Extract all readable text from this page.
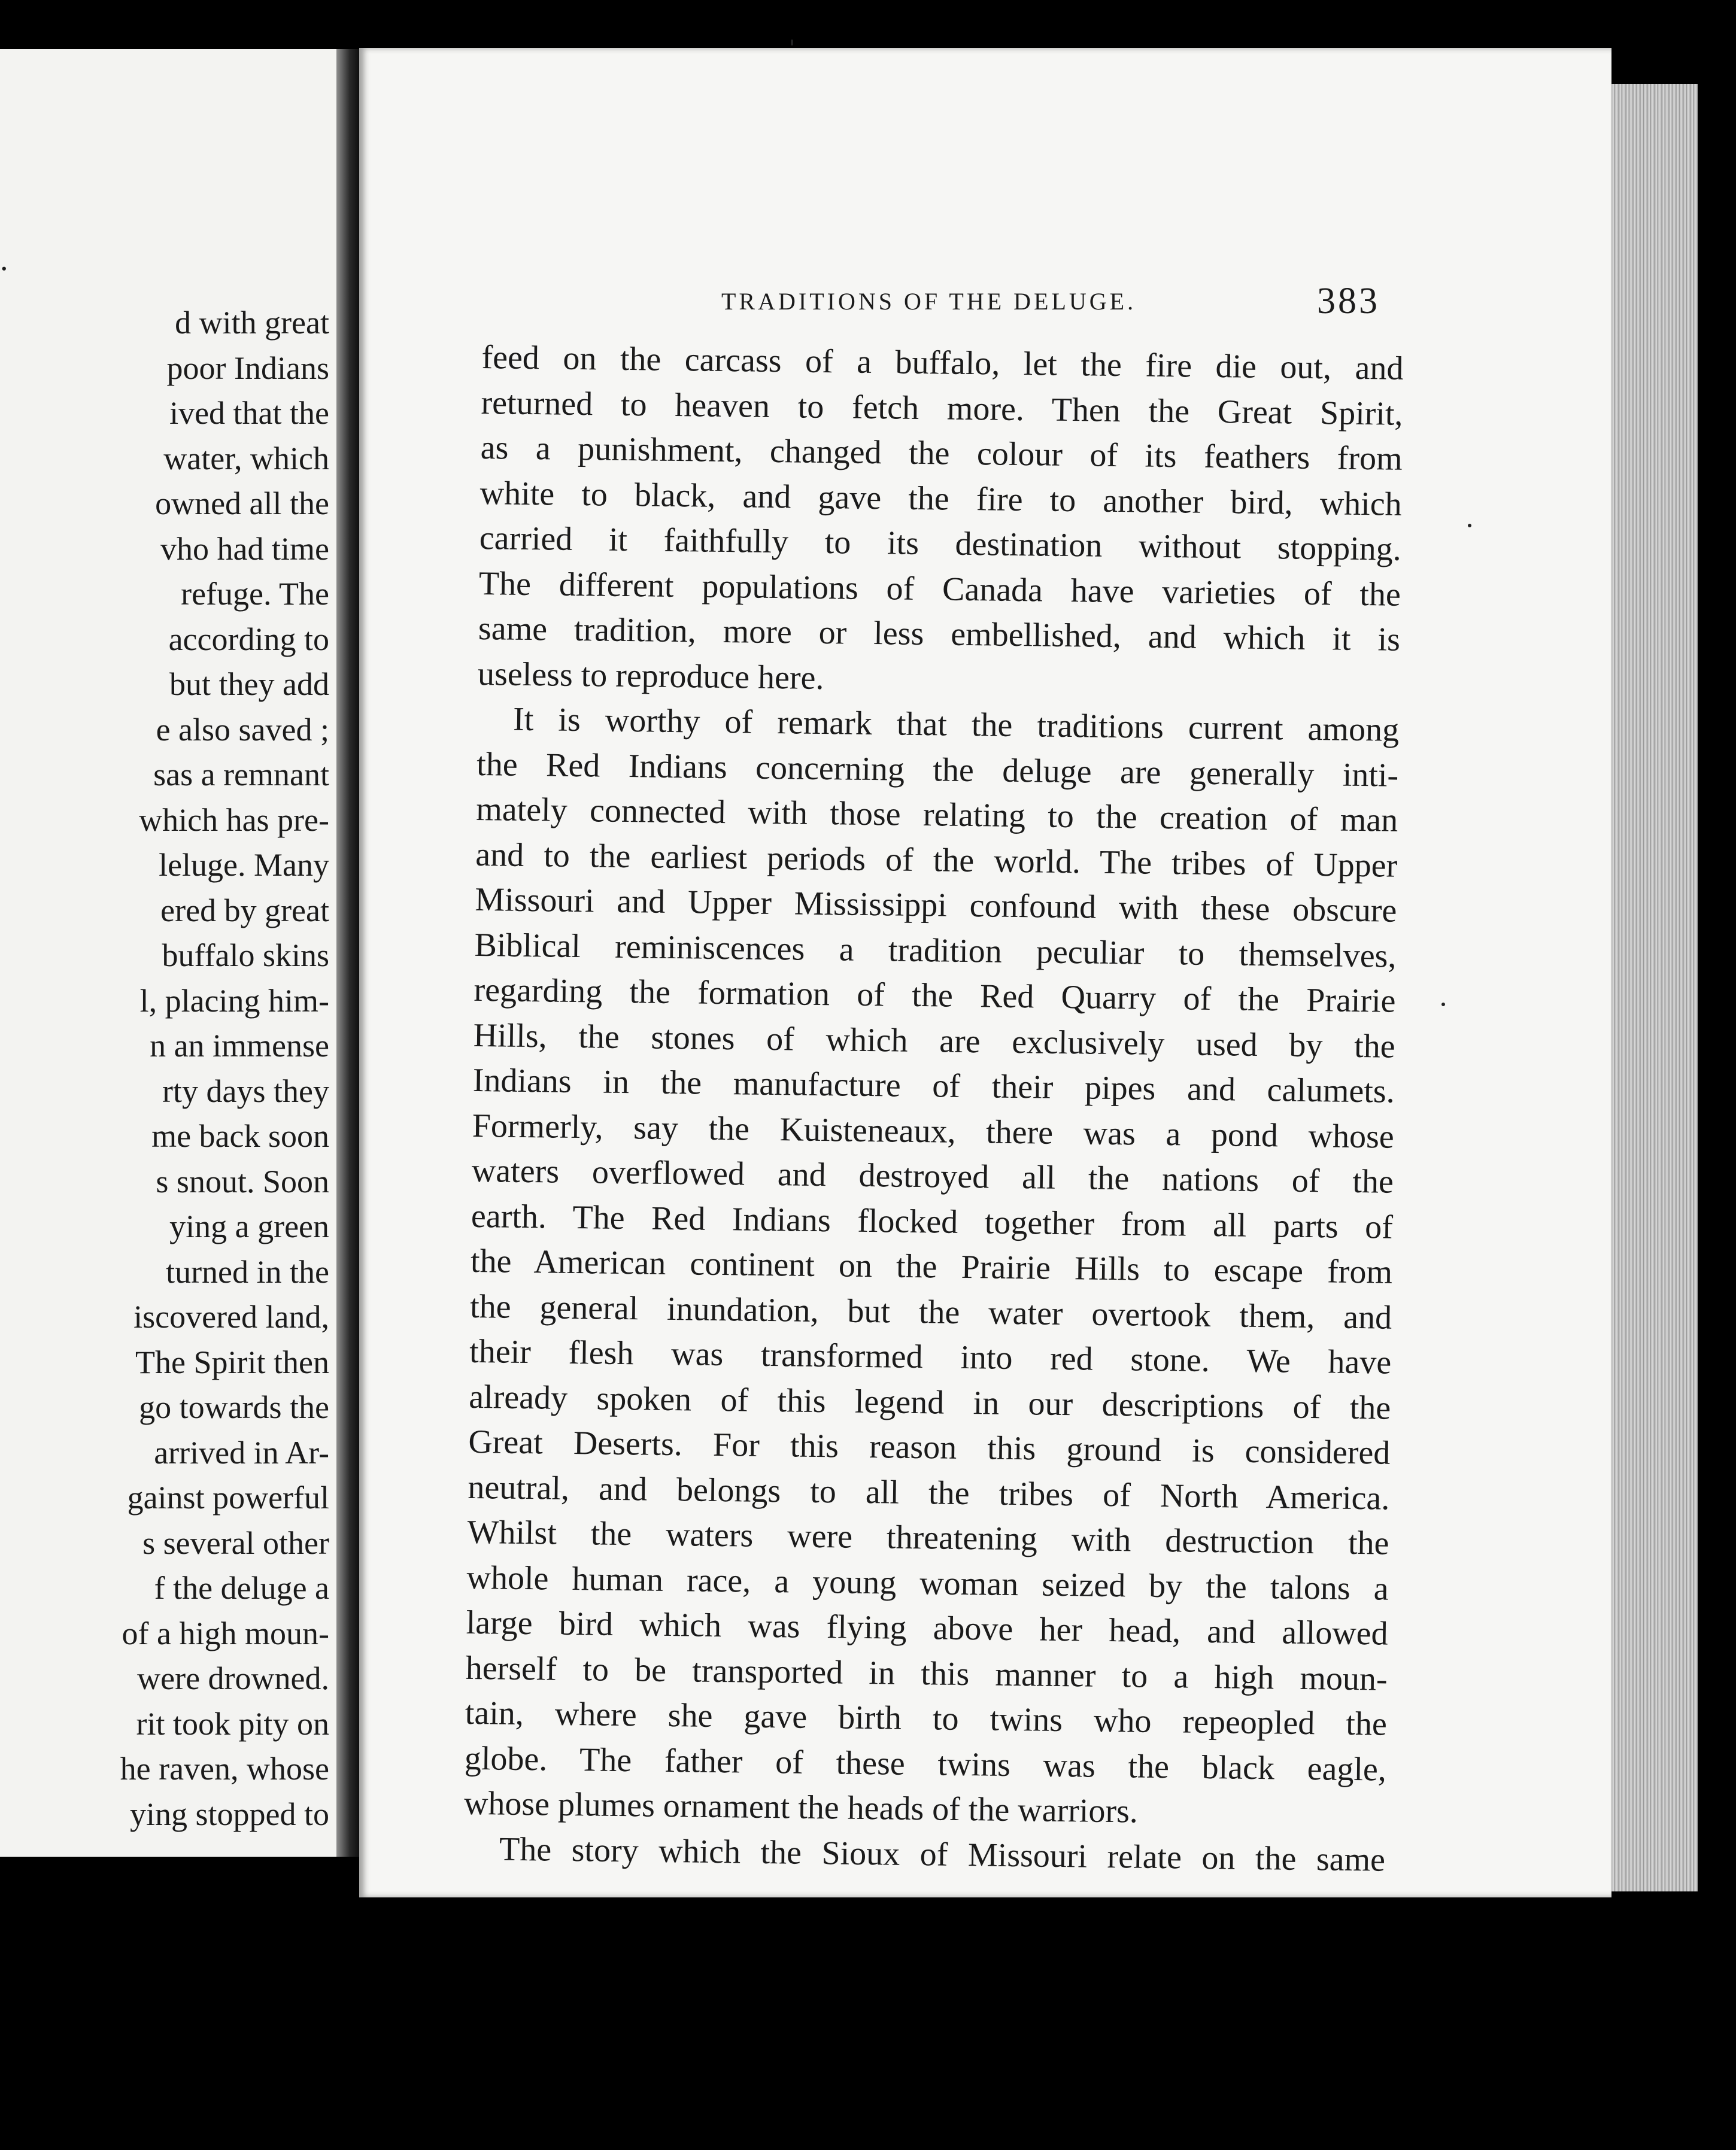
.
d with great
poor Indians
ived that the
water, which
owned all the
vho had time
refuge. The
according to
but they add
e also saved ;
sas a remnant
which has pre-
leluge. Many
ered by great
buffalo skins
l, placing him-
n an immense
rty days they
me back soon
s snout. Soon
ying a green
turned in the
iscovered land,
The Spirit then
go towards the
arrived in Ar-
gainst powerful
s several other
f the deluge a
of a high moun-
were drowned.
rit took pity on
he raven, whose
ying stopped to
TRADITIONS OF THE DELUGE.	383
feed on the carcass of a buffalo, let the fire die out, and
returned to heaven to fetch more. Then the Great Spirit,
as a punishment, changed the colour of its feathers from
white to black, and gave the fire to another bird, which
carried it faithfully to its destination without stopping.
The different populations of Canada have varieties of the
same tradition, more or less embellished, and which it is
useless to reproduce here.
It is worthy of remark that the traditions current among
the Red Indians concerning the deluge are generally inti-
mately connected with those relating to the creation of man
and to the earliest periods of the world. The tribes of Upper
Missouri and Upper Mississippi confound with these obscure
Biblical reminiscences a tradition peculiar to themselves,
regarding the formation of the Red Quarry of the Prairie
Hills, the stones of which are exclusively used by the
Indians in the manufacture of their pipes and calumets.
Formerly, say the Kuisteneaux, there was a pond whose
waters overflowed and destroyed all the nations of the
earth. The Red Indians flocked together from all parts of
the American continent on the Prairie Hills to escape from
the general inundation, but the water overtook them, and
their flesh was transformed into red stone. We have
already spoken of this legend in our descriptions of the
Great Deserts. For this reason this ground is considered
neutral, and belongs to all the tribes of North America.
Whilst the waters were threatening with destruction the
whole human race, a young woman seized by the talons a
large bird which was flying above her head, and allowed
herself to be transported in this manner to a high moun-
tain, where she gave birth to twins who repeopled the
globe. The father of these twins was the black eagle,
whose plumes ornament the heads of the warriors.
The story which the Sioux of Missouri relate on the same
